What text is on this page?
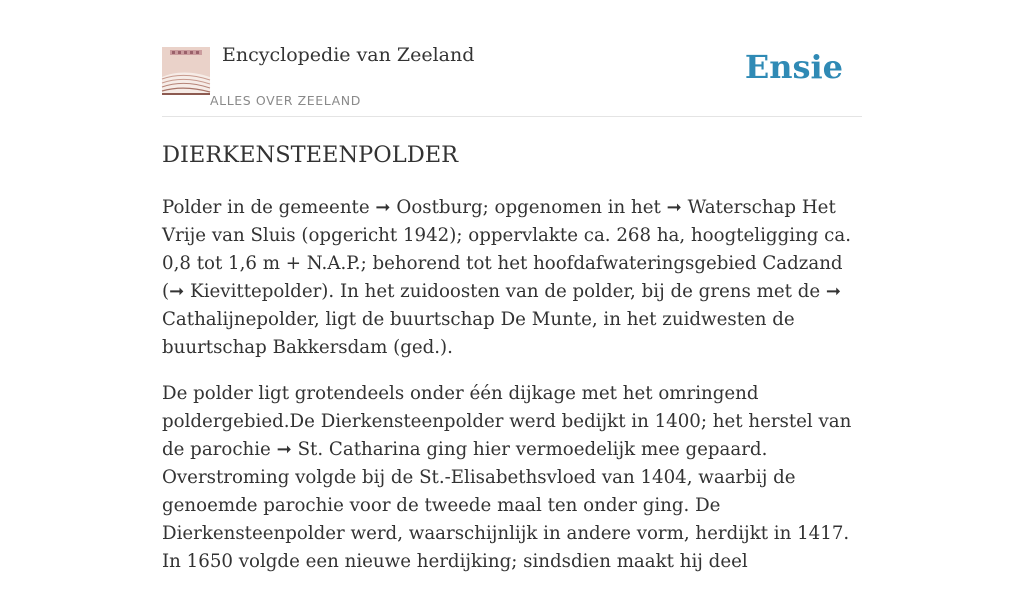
Encyclopedie van Zeeland
ALLES OVER ZEELAND
Ensie
DIERKENSTEENPOLDER

Polder in de gemeente ➞ Oostburg; opgenomen in het ➞ Waterschap Het Vrije van Sluis (opgericht 1942); oppervlakte ca. 268 ha, hoogteligging ca. 0,8 tot 1,6 m + N.A.P.; behorend tot het hoofdafwateringsgebied Cadzand (➞ Kievittepolder). In het zuidoosten van de polder, bij de grens met de ➞ Cathalijnepolder, ligt de buurtschap De Munte, in het zuidwesten de buurtschap Bakkersdam (ged.).

De polder ligt grotendeels onder één dijkage met het omringend poldergebied.De Dierkensteenpolder werd bedijkt in 1400; het herstel van de parochie ➞ St. Catharina ging hier vermoedelijk mee gepaard. Overstroming volgde bij de St.-Elisabethsvloed van 1404, waarbij de genoemde parochie voor de tweede maal ten onder ging. De Dierkensteenpolder werd, waarschijnlijk in andere vorm, herdijkt in 1417. In 1650 volgde een nieuwe herdijking; sindsdien maakt hij deel
